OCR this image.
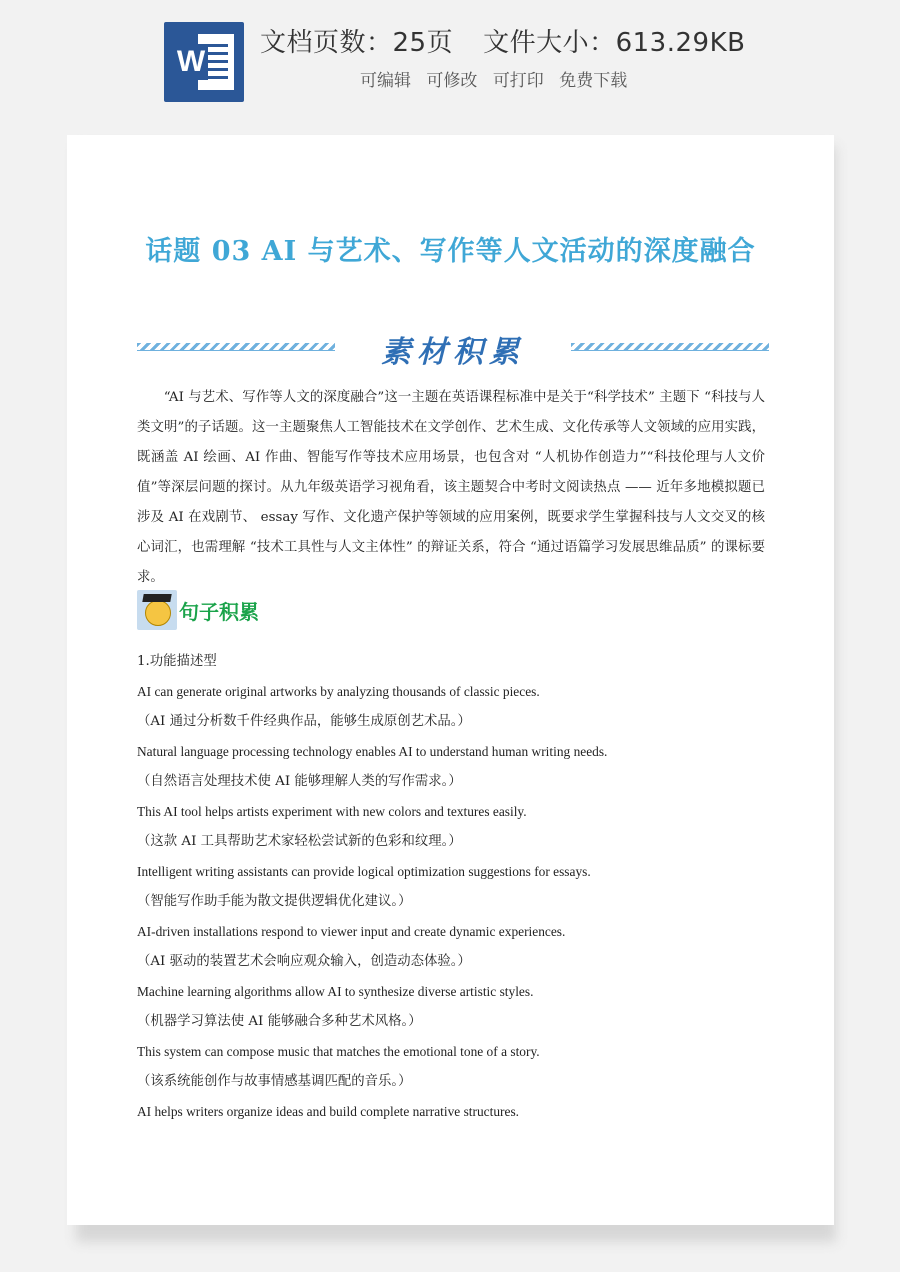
W
文档页数：25页 文件大小：613.29KB
可编辑 可修改 可打印 免费下载
话题 03 AI 与艺术、写作等人文活动的深度融合
素材积累
“AI 与艺术、写作等人文的深度融合”这一主题在英语课程标准中是关于“科学技术” 主题下 “科技与人类文明”的子话题。这一主题聚焦人工智能技术在文学创作、艺术生成、文化传承等人文领域的应用实践，既涵盖 AI 绘画、AI 作曲、智能写作等技术应用场景，也包含对 “人机协作创造力”“科技伦理与人文价值”等深层问题的探讨。从九年级英语学习视角看，该主题契合中考时文阅读热点 —— 近年多地模拟题已涉及 AI 在戏剧节、 essay 写作、文化遗产保护等领域的应用案例，既要求学生掌握科技与人文交叉的核心词汇，也需理解 “技术工具性与人文主体性” 的辩证关系，符合 “通过语篇学习发展思维品质” 的课标要求。
句子积累
1.功能描述型
AI can generate original artworks by analyzing thousands of classic pieces.
（AI 通过分析数千件经典作品，能够生成原创艺术品。）
Natural language processing technology enables AI to understand human writing needs.
（自然语言处理技术使 AI 能够理解人类的写作需求。）
This AI tool helps artists experiment with new colors and textures easily.
（这款 AI 工具帮助艺术家轻松尝试新的色彩和纹理。）
Intelligent writing assistants can provide logical optimization suggestions for essays.
（智能写作助手能为散文提供逻辑优化建议。）
AI-driven installations respond to viewer input and create dynamic experiences.
（AI 驱动的装置艺术会响应观众输入，创造动态体验。）
Machine learning algorithms allow AI to synthesize diverse artistic styles.
（机器学习算法使 AI 能够融合多种艺术风格。）
This system can compose music that matches the emotional tone of a story.
（该系统能创作与故事情感基调匹配的音乐。）
AI helps writers organize ideas and build complete narrative structures.
